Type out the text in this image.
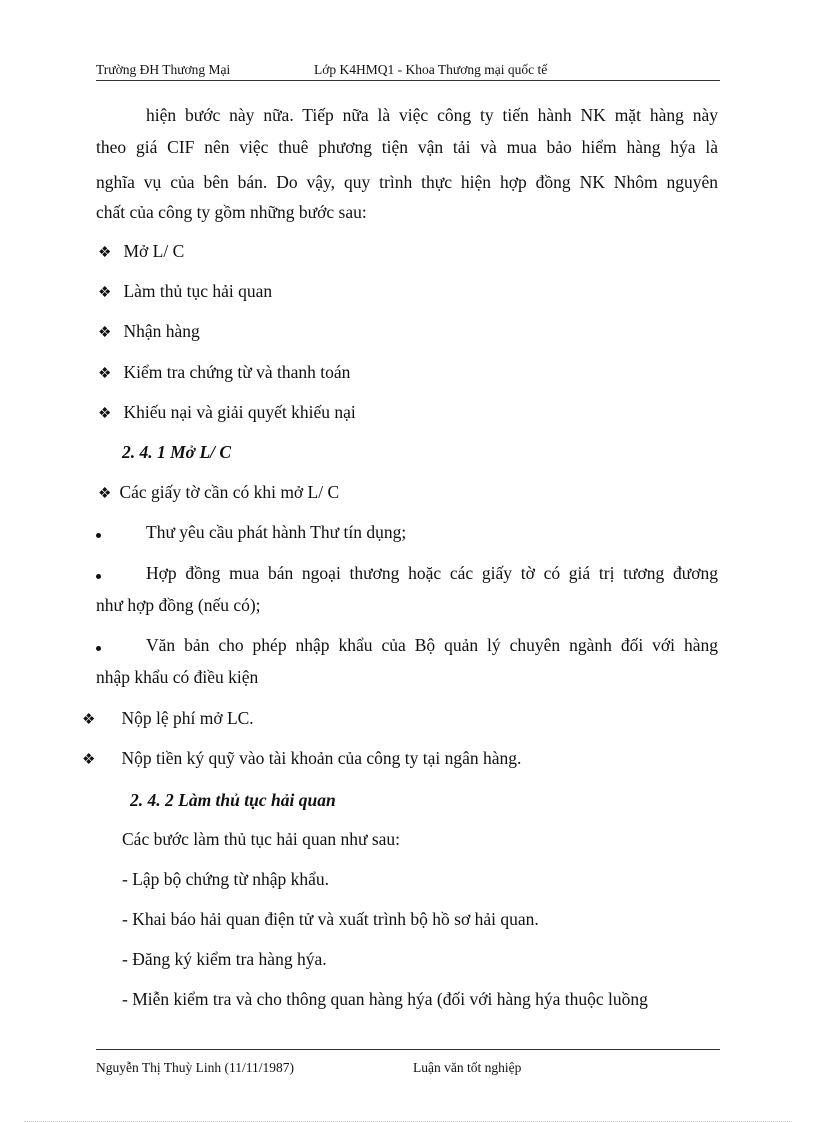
Trường ĐH Thương Mại	Lớp K4HMQ1 - Khoa Thương mại quốc tế
hiện bước này nữa. Tiếp nữa là việc công ty tiến hành NK mặt hàng này
theo giá CIF nên việc thuê phương tiện vận tải và mua bảo hiểm hàng hýa là
nghĩa vụ của bên bán. Do vậy, quy trình thực hiện hợp đồng NK Nhôm nguyên
chất của công ty gồm những bước sau:
❖ Mở L/ C
❖ Làm thủ tục hải quan
❖ Nhận hàng
❖ Kiểm tra chứng từ và thanh toán
❖ Khiếu nại và giải quyết khiếu nại
2. 4. 1 Mở L/ C
❖ Các giấy tờ cần có khi mở L/ C
Thư yêu cầu phát hành Thư tín dụng;
Hợp đồng mua bán ngoại thương hoặc các giấy tờ có giá trị tương đương
như hợp đồng (nếu có);
Văn bản cho phép nhập khẩu của Bộ quản lý chuyên ngành đối với hàng
nhập khẩu có điều kiện
❖ Nộp lệ phí mở LC.
❖ Nộp tiền ký quỹ vào tài khoản của công ty tại ngân hàng.
2. 4. 2 Làm thủ tục hải quan
Các bước làm thủ tục hải quan như sau:
- Lập bộ chứng từ nhập khẩu.
- Khai báo hải quan điện tử và xuất trình bộ hồ sơ hải quan.
- Đăng ký kiểm tra hàng hýa.
- Miễn kiểm tra và cho thông quan hàng hýa (đối với hàng hýa thuộc luồng
Nguyễn Thị Thuỳ Linh (11/11/1987)	Luận văn tốt nghiệp
